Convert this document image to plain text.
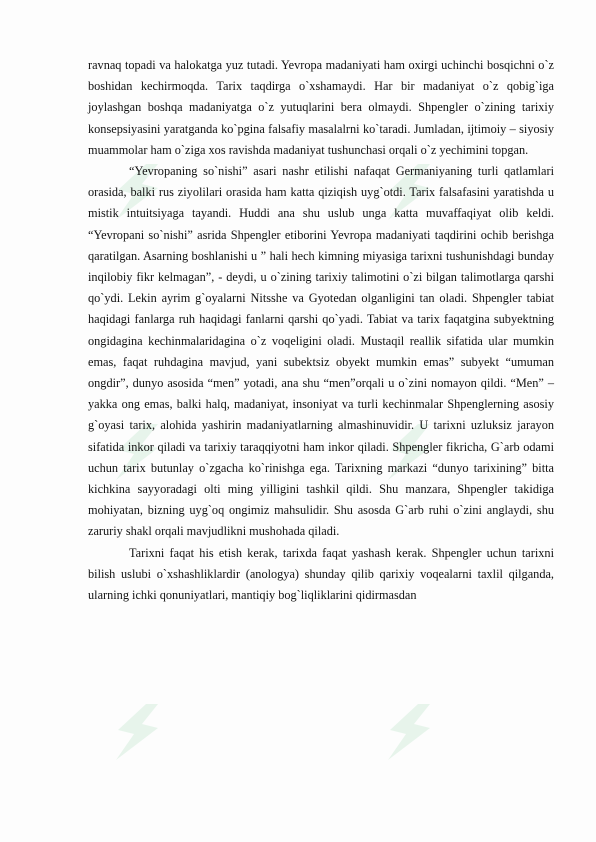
ravnaq topadi va halokatga yuz tutadi. Yevropa madaniyati ham oxirgi uchinchi bosqichni o`z boshidan kechirmoqda. Tarix taqdirga o`xshamaydi. Har bir madaniyat o`z qobig`iga joylashgan boshqa madaniyatga o`z yutuqlarini bera olmaydi. Shpengler o`zining tarixiy konsepsiyasini yaratganda ko`pgina falsafiy masalalrni ko`taradi. Jumladan, ijtimoiy – siyosiy muammolar ham o`ziga xos ravishda madaniyat tushunchasi orqali o`z yechimini topgan.

“Yevropaning so`nishi” asari nashr etilishi nafaqat Germaniyaning turli qatlamlari orasida, balki rus ziyolilari orasida ham katta qiziqish uyg`otdi. Tarix falsafasini yaratishda u mistik intuitsiyaga tayandi. Huddi ana shu uslub unga katta muvaffaqiyat olib keldi. “Yevropani so`nishi” asrida Shpengler etiborini Yevropa madaniyati taqdirini ochib berishga qaratilgan. Asarning boshlanishi u ” hali hech kimning miyasiga tarixni tushunishdagi bunday inqilobiy fikr kelmagan”, - deydi, u o`zining tarixiy talimotini o`zi bilgan talimotlarga qarshi qo`ydi. Lekin ayrim g`oyalarni Nitsshe va Gyotedan olganligini tan oladi. Shpengler tabiat haqidagi fanlarga ruh haqidagi fanlarni qarshi qo`yadi. Tabiat va tarix faqatgina subyektning ongidagina kechinmalaridagina o`z voqeligini oladi. Mustaqil reallik sifatida ular mumkin emas, faqat ruhdagina mavjud, yani subektsiz obyekt mumkin emas” subyekt “umuman ongdir”, dunyo asosida “men” yotadi, ana shu “men”orqali u o`zini nomayon qildi. “Men” – yakka ong emas, balki halq, madaniyat, insoniyat va turli kechinmalar Shpenglerning asosiy g`oyasi tarix, alohida yashirin madaniyatlarning almashinuvidir. U tarixni uzluksiz jarayon sifatida inkor qiladi va tarixiy taraqqiyotni ham inkor qiladi. Shpengler fikricha, G`arb odami uchun tarix butunlay o`zgacha ko`rinishga ega. Tarixning markazi “dunyo tarixining” bitta kichkina sayyoradagi olti ming yilligini tashkil qildi. Shu manzara, Shpengler takidiga mohiyatan, bizning uyg`oq ongimiz mahsulidir. Shu asosda G`arb ruhi o`zini anglaydi, shu zaruriy shakl orqali mavjudlikni mushohada qiladi.

Tarixni faqat his etish kerak, tarixda faqat yashash kerak. Shpengler uchun tarixni bilish uslubi o`xshashliklardir (anologya) shunday qilib qarixiy voqealarni taxlil qilganda, ularning ichki qonuniyatlari, mantiqiy bog`liqliklarini qidirmasdan
